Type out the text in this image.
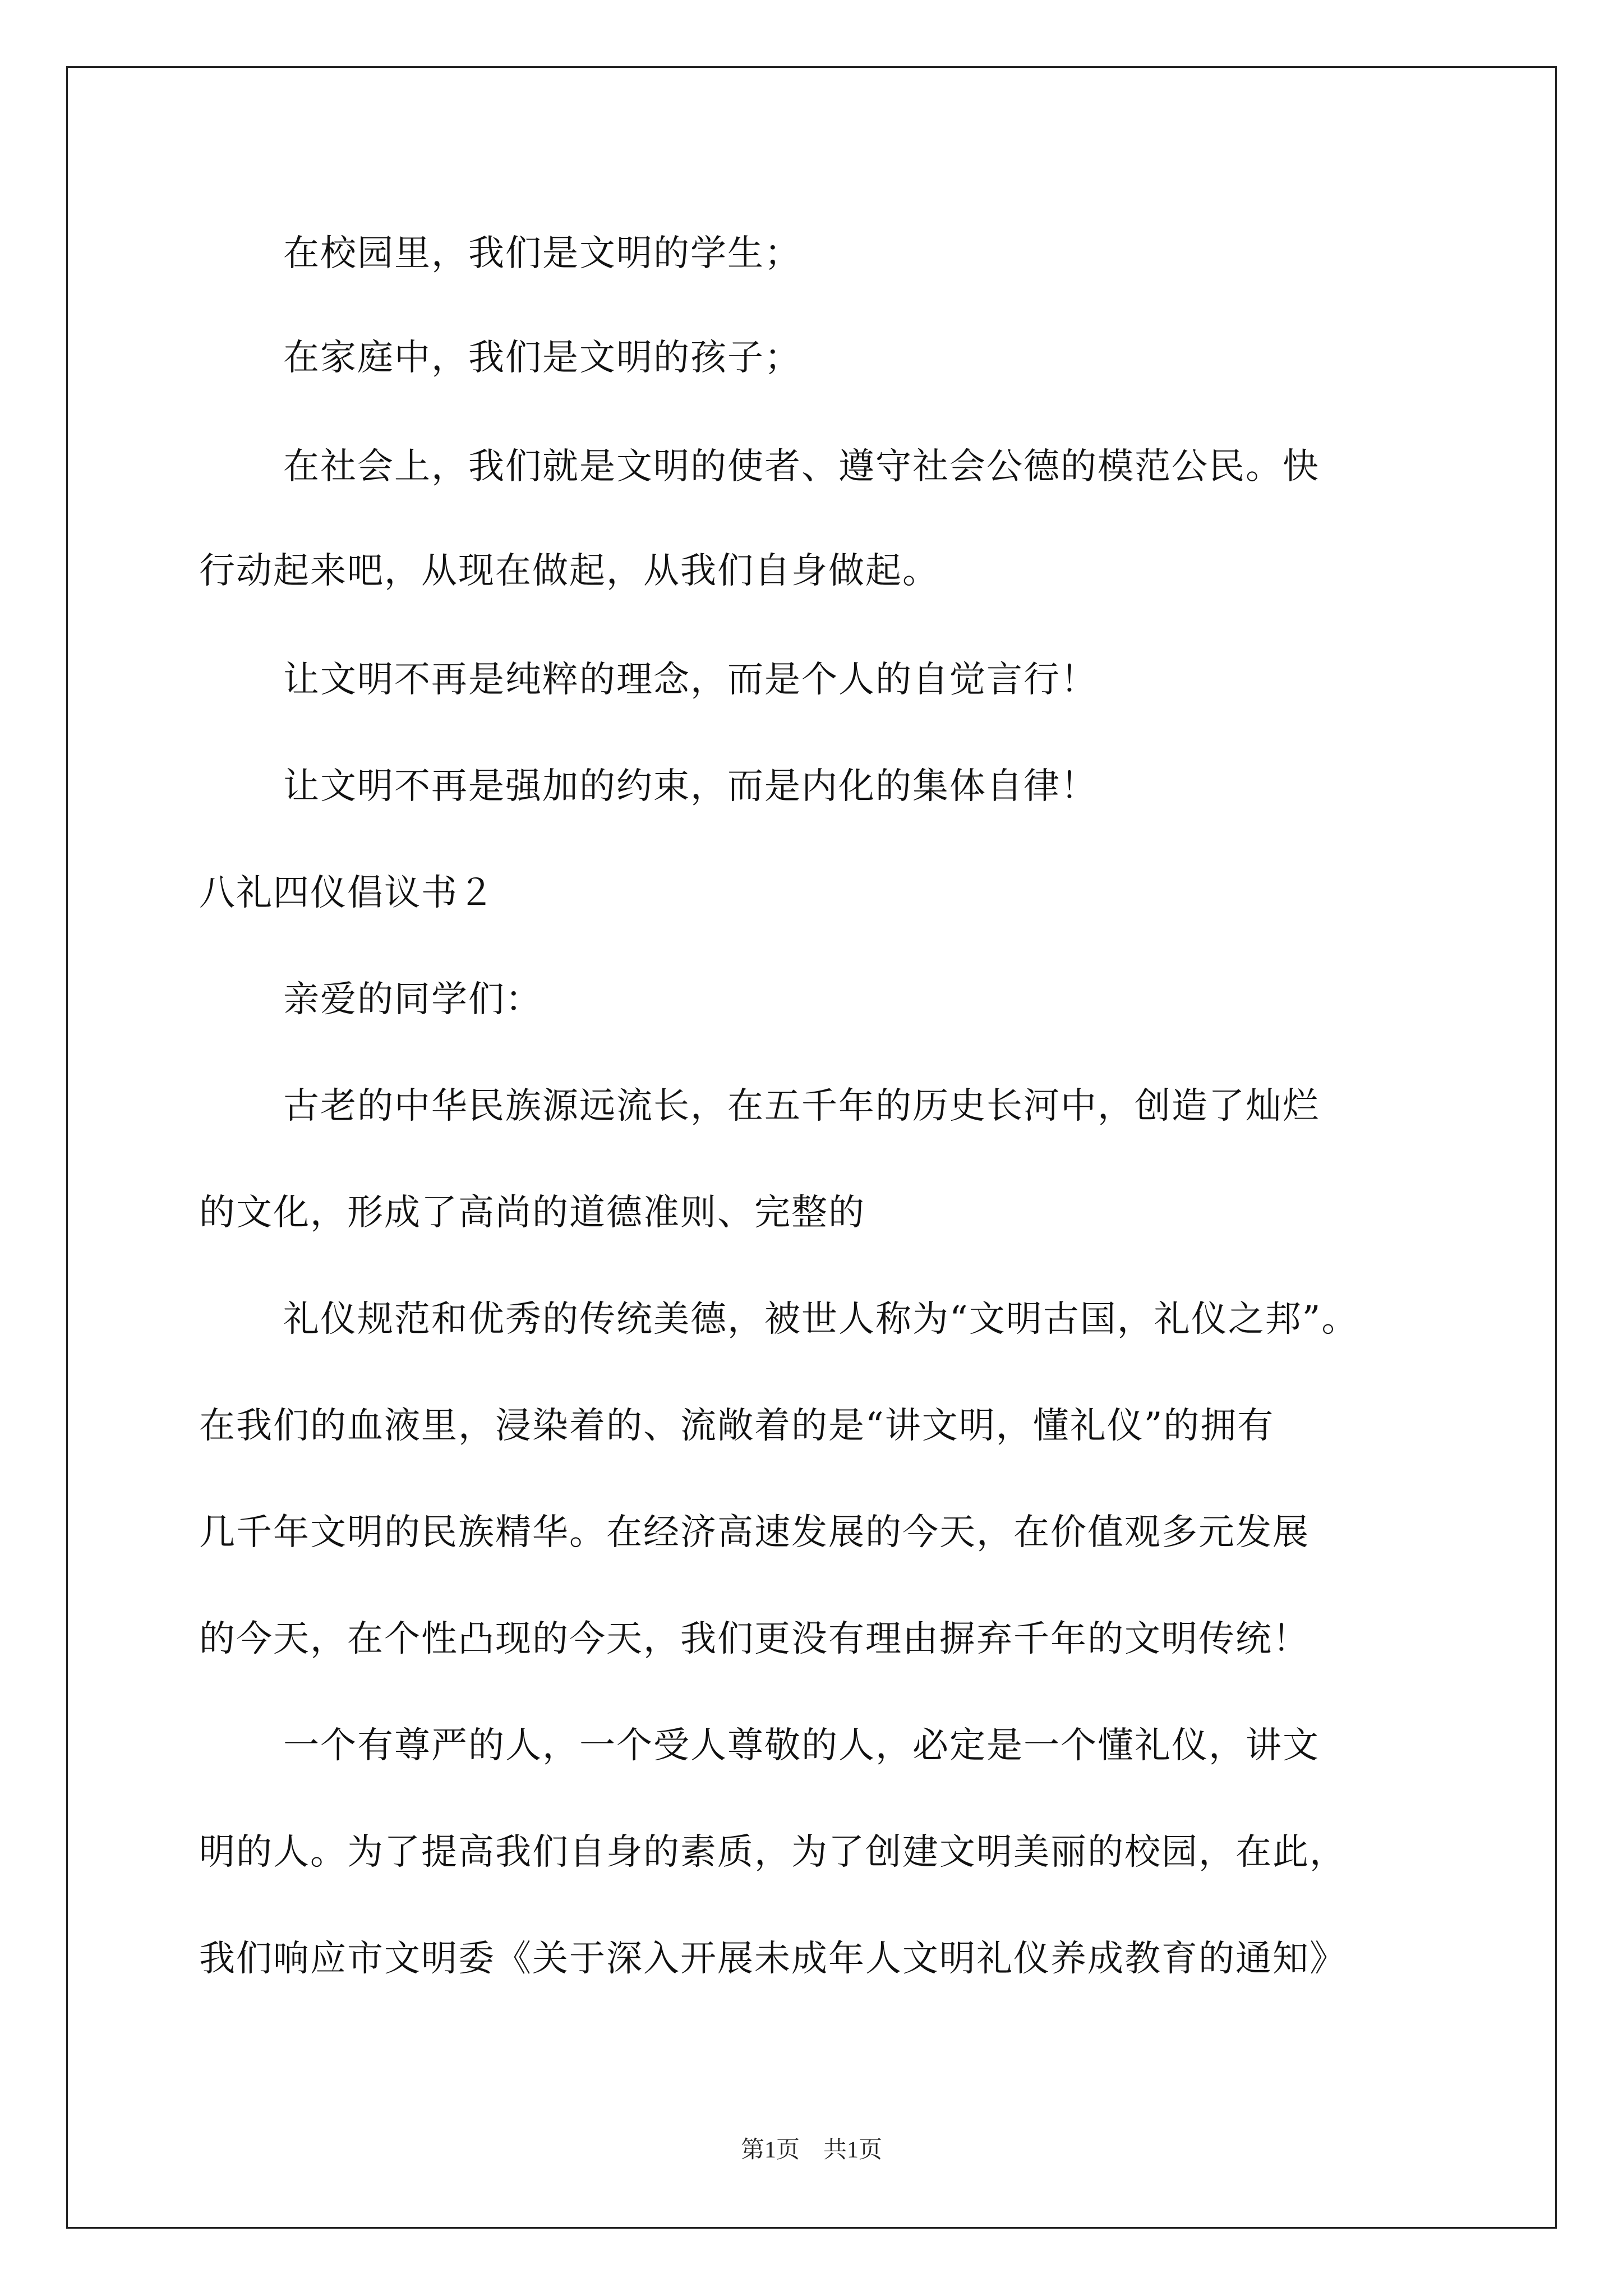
在校园里，我们是文明的学生；
在家庭中，我们是文明的孩子；
在社会上，我们就是文明的使者、遵守社会公德的模范公民。快
行动起来吧，从现在做起，从我们自身做起。
让文明不再是纯粹的理念，而是个人的自觉言行！
让文明不再是强加的约束，而是内化的集体自律！
八礼四仪倡议书２
亲爱的同学们：
古老的中华民族源远流长，在五千年的历史长河中，创造了灿烂
的文化，形成了高尚的道德准则、完整的
礼仪规范和优秀的传统美德，被世人称为“文明古国，礼仪之邦”。
在我们的血液里，浸染着的、流敞着的是“讲文明，懂礼仪”的拥有
几千年文明的民族精华。在经济高速发展的今天，在价值观多元发展
的今天，在个性凸现的今天，我们更没有理由摒弃千年的文明传统！
一个有尊严的人，一个受人尊敬的人，必定是一个懂礼仪，讲文
明的人。为了提高我们自身的素质，为了创建文明美丽的校园，在此，
我们响应市文明委《关于深入开展未成年人文明礼仪养成教育的通知》
第1页　共1页
